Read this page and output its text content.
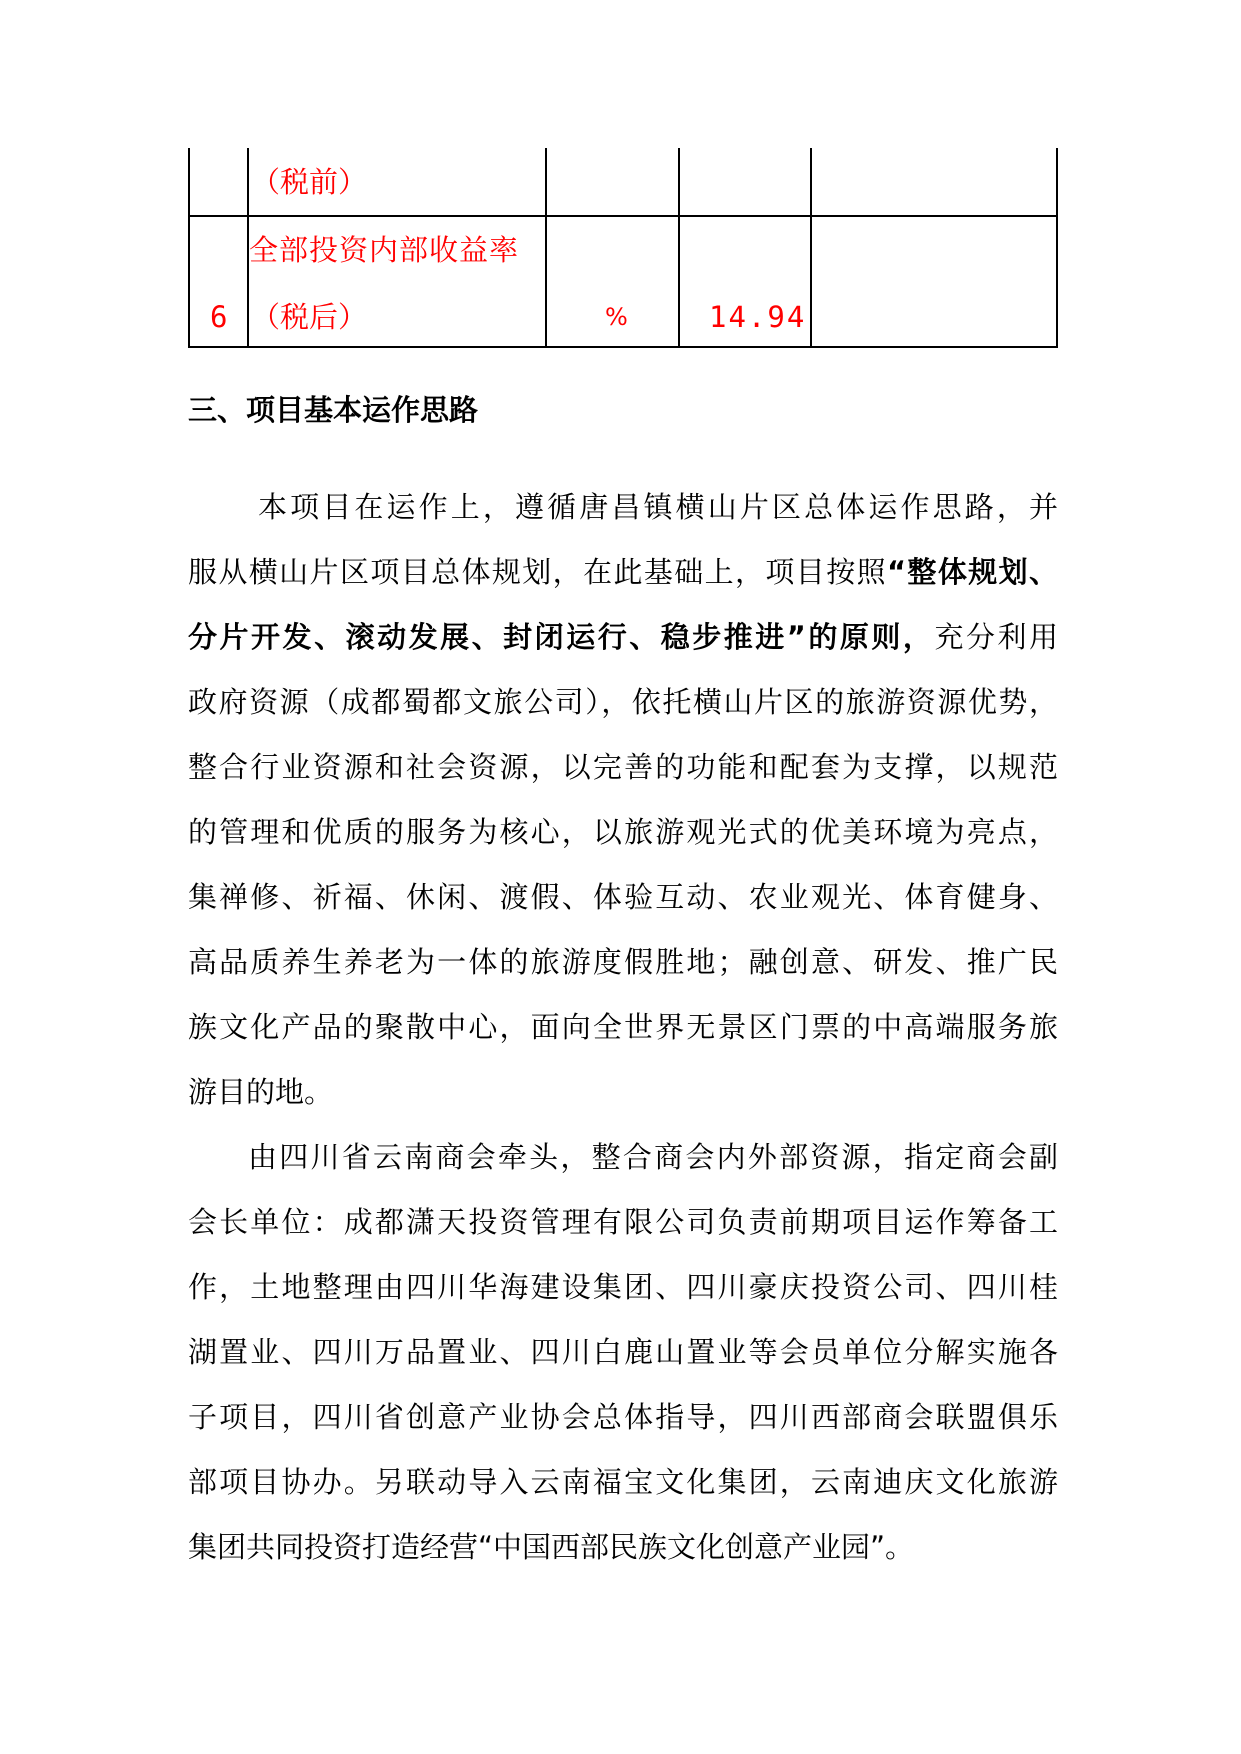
（税前）
6
全部投资内部收益率
（税后）	%	14.94
三、项目基本运作思路
本项目在运作上，遵循唐昌镇横山片区总体运作思路，并
服从横山片区项目总体规划，在此基础上，项目按照“整体规划、
分片开发、滚动发展、封闭运行、稳步推进”的原则，充分利用
政府资源（成都蜀都文旅公司），依托横山片区的旅游资源优势，
整合行业资源和社会资源，以完善的功能和配套为支撑，以规范
的管理和优质的服务为核心，以旅游观光式的优美环境为亮点，
集禅修、祈福、休闲、渡假、体验互动、农业观光、体育健身、
高品质养生养老为一体的旅游度假胜地；融创意、研发、推广民
族文化产品的聚散中心，面向全世界无景区门票的中高端服务旅
游目的地。
由四川省云南商会牵头，整合商会内外部资源，指定商会副
会长单位：成都潇天投资管理有限公司负责前期项目运作筹备工
作，土地整理由四川华海建设集团、四川豪庆投资公司、四川桂
湖置业、四川万品置业、四川白鹿山置业等会员单位分解实施各
子项目，四川省创意产业协会总体指导，四川西部商会联盟俱乐
部项目协办。另联动导入云南福宝文化集团，云南迪庆文化旅游
集团共同投资打造经营“中国西部民族文化创意产业园”。
